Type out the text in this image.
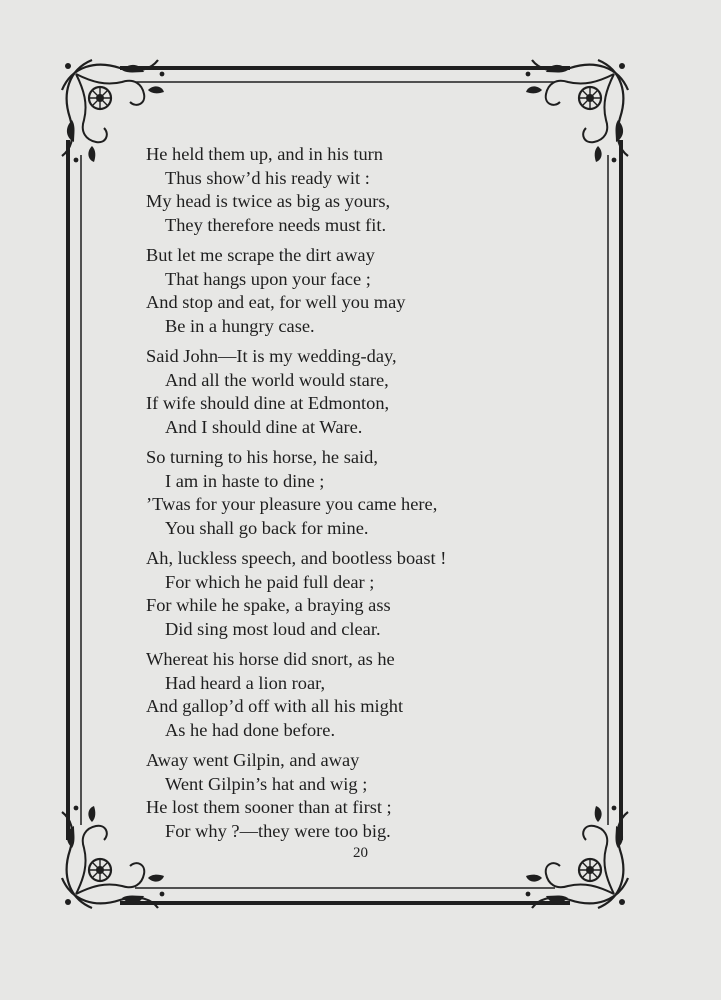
He held them up, and in his turn
Thus show’d his ready wit :
My head is twice as big as yours,
They therefore needs must fit.
But let me scrape the dirt away
That hangs upon your face ;
And stop and eat, for well you may
Be in a hungry case.
Said John—It is my wedding-day,
And all the world would stare,
If wife should dine at Edmonton,
And I should dine at Ware.
So turning to his horse, he said,
I am in haste to dine ;
’Twas for your pleasure you came here,
You shall go back for mine.
Ah, luckless speech, and bootless boast !
For which he paid full dear ;
For while he spake, a braying ass
Did sing most loud and clear.
Whereat his horse did snort, as he
Had heard a lion roar,
And gallop’d off with all his might
As he had done before.
Away went Gilpin, and away
Went Gilpin’s hat and wig ;
He lost them sooner than at first ;
For why ?—they were too big.
20
